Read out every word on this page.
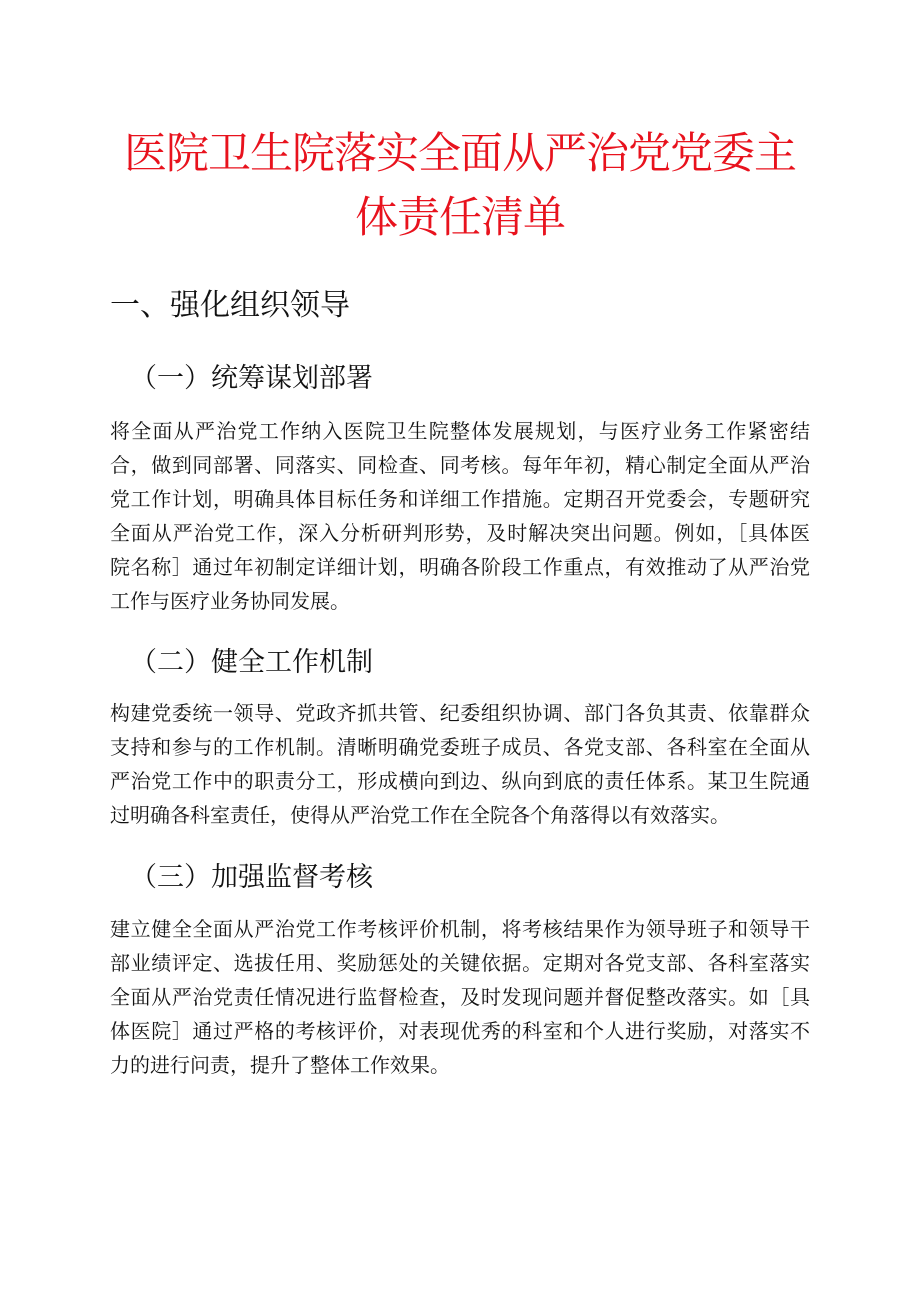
医院卫生院落实全面从严治党党委主
体责任清单
一、强化组织领导
（一）统筹谋划部署
将全面从严治党工作纳入医院卫生院整体发展规划，与医疗业务工作紧密结
合，做到同部署、同落实、同检查、同考核。每年年初，精心制定全面从严治
党工作计划，明确具体目标任务和详细工作措施。定期召开党委会，专题研究
全面从严治党工作，深入分析研判形势，及时解决突出问题。例如，［具体医
院名称］通过年初制定详细计划，明确各阶段工作重点，有效推动了从严治党
工作与医疗业务协同发展。
（二）健全工作机制
构建党委统一领导、党政齐抓共管、纪委组织协调、部门各负其责、依靠群众
支持和参与的工作机制。清晰明确党委班子成员、各党支部、各科室在全面从
严治党工作中的职责分工，形成横向到边、纵向到底的责任体系。某卫生院通
过明确各科室责任，使得从严治党工作在全院各个角落得以有效落实。
（三）加强监督考核
建立健全全面从严治党工作考核评价机制，将考核结果作为领导班子和领导干
部业绩评定、选拔任用、奖励惩处的关键依据。定期对各党支部、各科室落实
全面从严治党责任情况进行监督检查，及时发现问题并督促整改落实。如［具
体医院］通过严格的考核评价，对表现优秀的科室和个人进行奖励，对落实不
力的进行问责，提升了整体工作效果。
